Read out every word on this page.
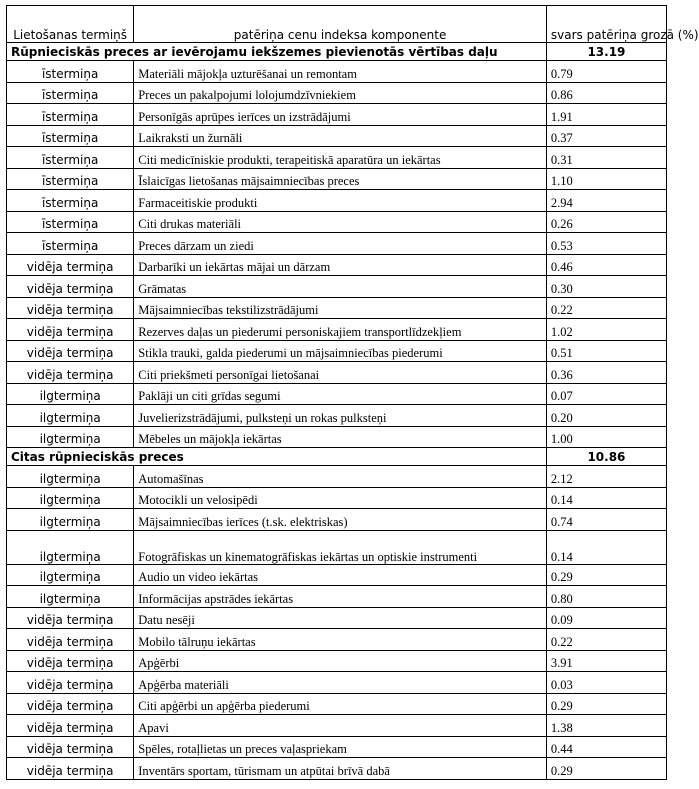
Lietošanas termiņš	patēriņa cenu indeksa komponente	svars patēriņa grozā (%)
Rūpnieciskās preces ar ievērojamu iekšzemes pievienotās vērtības daļu		13.19
īstermiņa	Materiāli mājokļa uzturēšanai un remontam	0.79
īstermiņa	Preces un pakalpojumi lolojumdzīvniekiem	0.86
īstermiņa	Personīgās aprūpes ierīces un izstrādājumi	1.91
īstermiņa	Laikraksti un žurnāli	0.37
īstermiņa	Citi medicīniskie produkti, terapeitiskā aparatūra un iekārtas	0.31
īstermiņa	Īslaicīgas lietošanas mājsaimniecības preces	1.10
īstermiņa	Farmaceitiskie produkti	2.94
īstermiņa	Citi drukas materiāli	0.26
īstermiņa	Preces dārzam un ziedi	0.53
vidēja termiņa	Darbarīki un iekārtas mājai un dārzam	0.46
vidēja termiņa	Grāmatas	0.30
vidēja termiņa	Mājsaimniecības tekstilizstrādājumi	0.22
vidēja termiņa	Rezerves daļas un piederumi personiskajiem transportlīdzekļiem	1.02
vidēja termiņa	Stikla trauki, galda piederumi un mājsaimniecības piederumi	0.51
vidēja termiņa	Citi priekšmeti personīgai lietošanai	0.36
ilgtermiņa	Paklāji un citi grīdas segumi	0.07
ilgtermiņa	Juvelierizstrādājumi, pulksteņi un rokas pulksteņi	0.20
ilgtermiņa	Mēbeles un mājokļa iekārtas	1.00
Citas rūpnieciskās preces		10.86
ilgtermiņa	Automašīnas	2.12
ilgtermiņa	Motocikli un velosipēdi	0.14
ilgtermiņa	Mājsaimniecības ierīces (t.sk. elektriskas)	0.74
ilgtermiņa	Fotogrāfiskas un kinematogrāfiskas iekārtas un optiskie instrumenti	0.14
ilgtermiņa	Audio un video iekārtas	0.29
ilgtermiņa	Informācijas apstrādes iekārtas	0.80
vidēja termiņa	Datu nesēji	0.09
vidēja termiņa	Mobilo tālruņu iekārtas	0.22
vidēja termiņa	Apģērbi	3.91
vidēja termiņa	Apģērba materiāli	0.03
vidēja termiņa	Citi apģērbi un apģērba piederumi	0.29
vidēja termiņa	Apavi	1.38
vidēja termiņa	Spēles, rotaļlietas un preces vaļaspriekam	0.44
vidēja termiņa	Inventārs sportam, tūrismam un atpūtai brīvā dabā	0.29
